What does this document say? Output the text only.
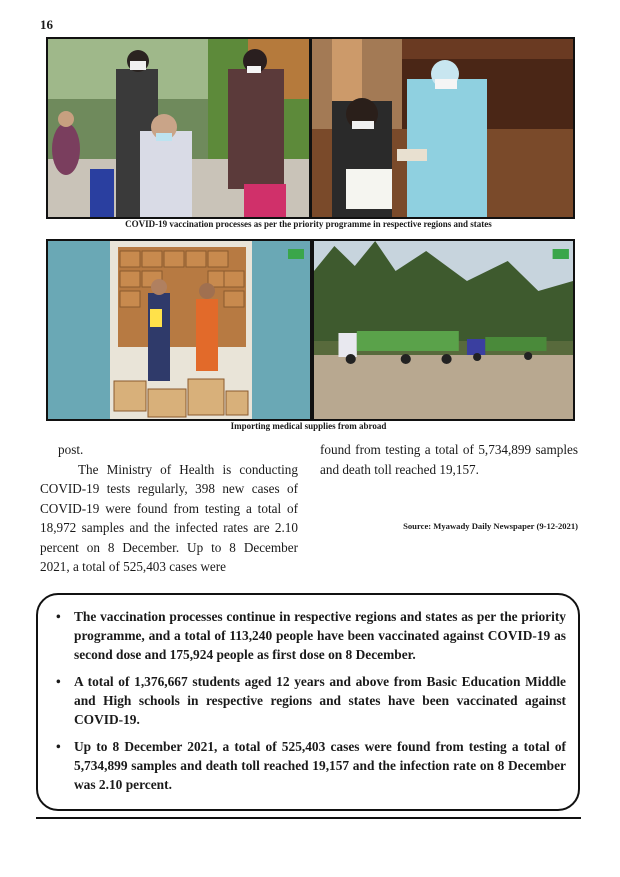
16
COVID-19 vaccination processes as per the priority programme in respective regions and states
Importing medical supplies from abroad

post.

The Ministry of Health is conducting COVID-19 tests regularly, 398 new cases of COVID-19 were found from testing a total of 18,972 samples and the infected rates are 2.10 percent on 8 December. Up to 8 December 2021, a total of 525,403 cases were

found from testing a total of 5,734,899 samples and death toll reached 19,157.

Source: Myawady Daily Newspaper (9-12-2021)
• The vaccination processes continue in respective regions and states as per the priority programme, and a total of 113,240 people have been vaccinated against COVID-19 as second dose and 175,924 people as first dose on 8 December.
• A total of 1,376,667 students aged 12 years and above from Basic Education Middle and High schools in respective regions and states have been vaccinated against COVID-19.
• Up to 8 December 2021, a total of 525,403 cases were found from testing a total of 5,734,899 samples and death toll reached 19,157 and the infection rate on 8 December was 2.10 percent.
